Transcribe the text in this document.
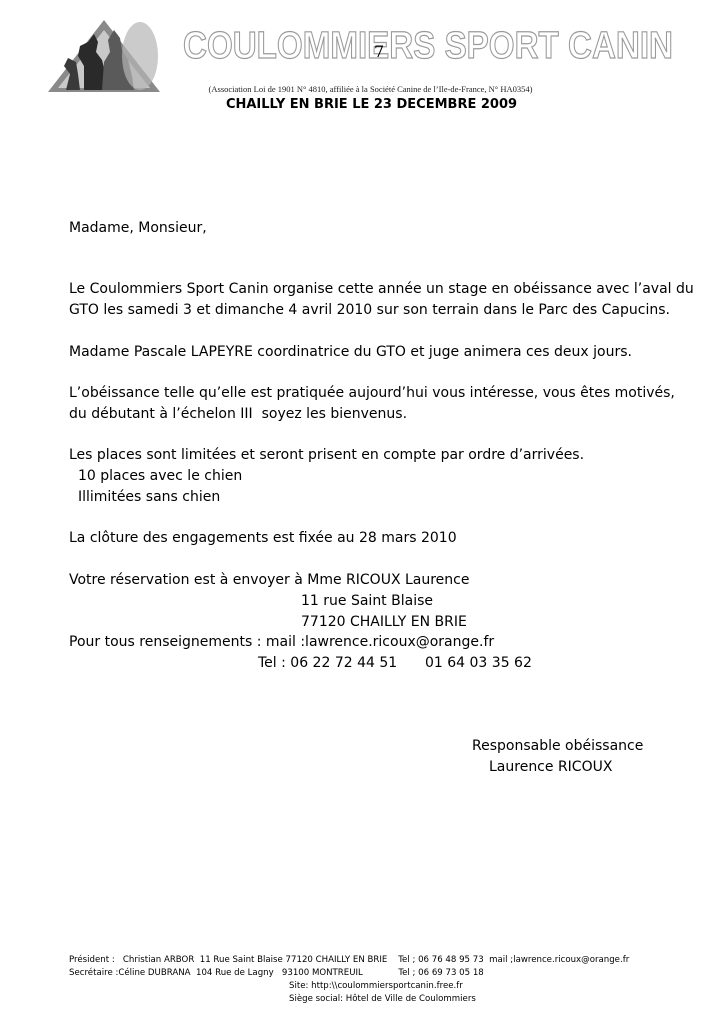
COULOMMIERS SPORT CANIN
7
(Association Loi de 1901 N° 4810, affiliée à la Société Canine de l’Ile-de-France, N° HA0354)
CHAILLY EN BRIE LE 23 DECEMBRE 2009
Madame, Monsieur,
Le Coulommiers Sport Canin organise cette année un stage en obéissance avec l’aval du
GTO les samedi 3 et dimanche 4 avril 2010 sur son terrain dans le Parc des Capucins.
Madame Pascale LAPEYRE coordinatrice du GTO et juge animera ces deux jours.
L’obéissance telle qu’elle est pratiquée aujourd’hui vous intéresse, vous êtes motivés,
du débutant à l’échelon III  soyez les bienvenus.
Les places sont limitées et seront prisent en compte par ordre d’arrivées.
10 places avec le chien
Illimitées sans chien
La clôture des engagements est fixée au 28 mars 2010
Votre réservation est à envoyer à Mme RICOUX Laurence
11 rue Saint Blaise
77120 CHAILLY EN BRIE
Pour tous renseignements : mail :lawrence.ricoux@orange.fr
Tel : 06 22 72 44 51 01 64 03 35 62
Responsable obéissance
Laurence RICOUX
Président :   Christian ARBOR  11 Rue Saint Blaise 77120 CHAILLY EN BRIE    Tel ; 06 76 48 95 73  mail ;lawrence.ricoux@orange.fr
Secrétaire :Céline DUBRANA  104 Rue de Lagny   93100 MONTREUIL             Tel ; 06 69 73 05 18
Site: http:\\coulommiersportcanin.free.fr
Siège social: Hôtel de Ville de Coulommiers
